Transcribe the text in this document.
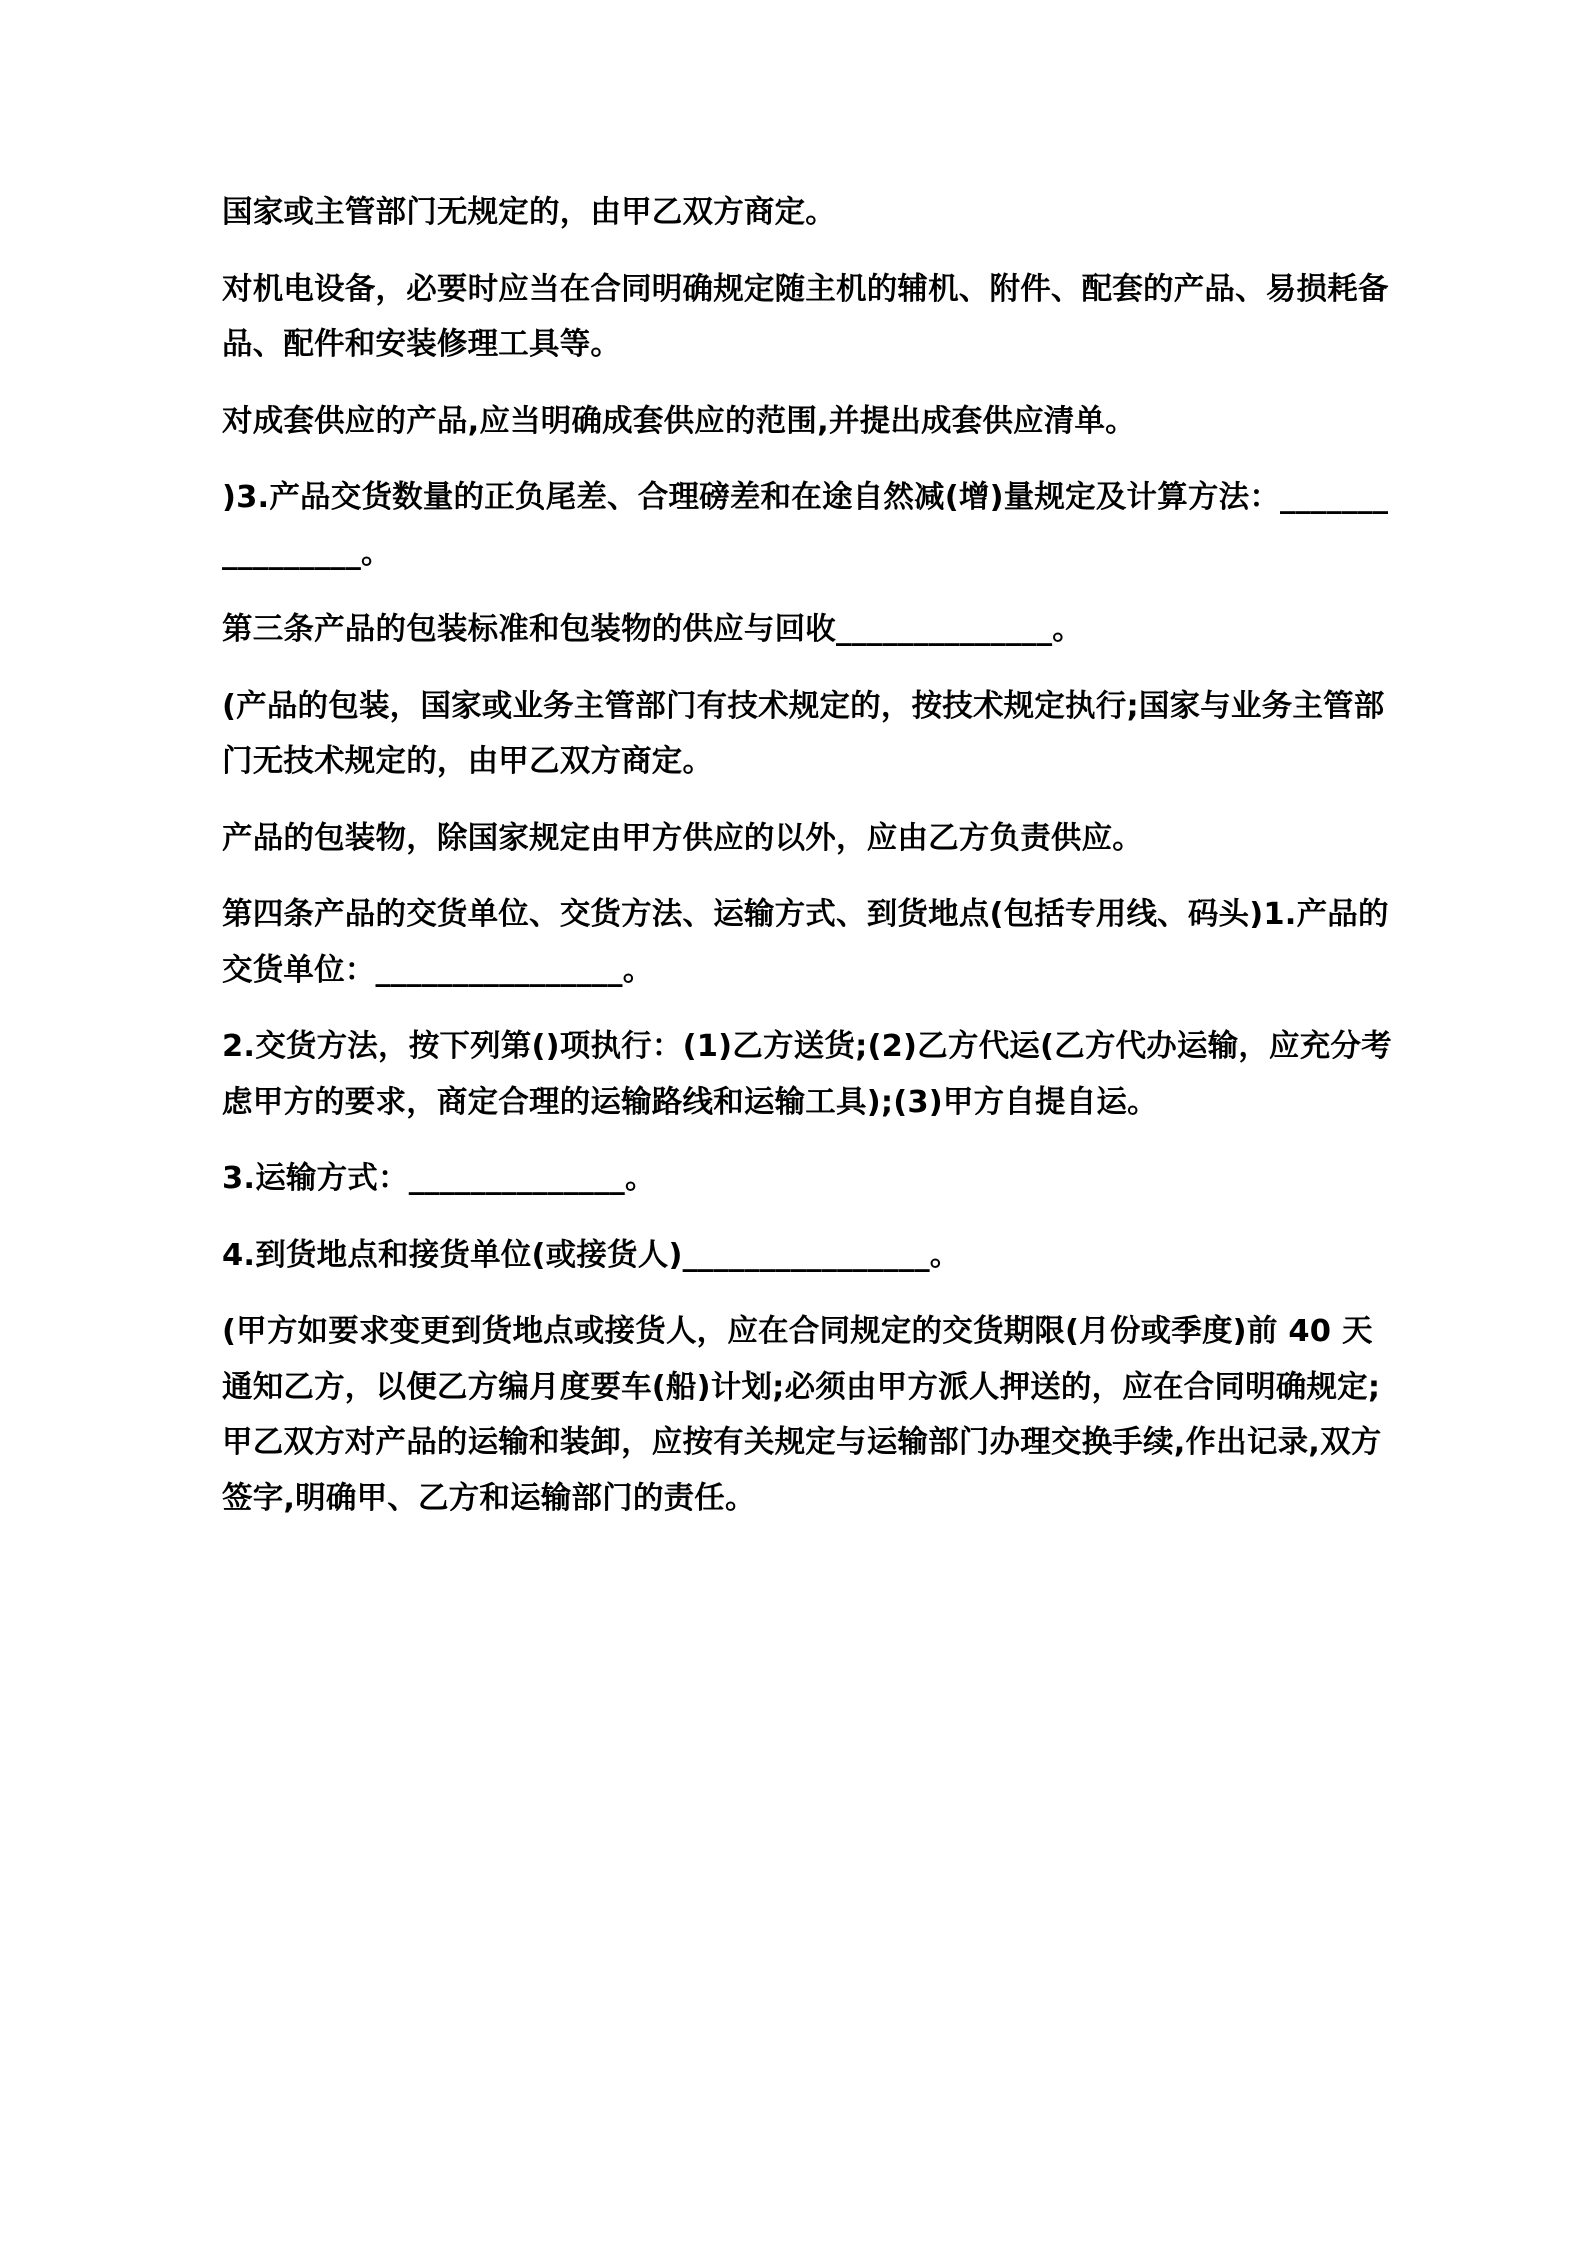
国家或主管部门无规定的，由甲乙双方商定。

对机电设备，必要时应当在合同明确规定随主机的辅机、附件、配套的产品、易损耗备品、配件和安装修理工具等。

对成套供应的产品,应当明确成套供应的范围,并提出成套供应清单。

)3.产品交货数量的正负尾差、合理磅差和在途自然减(增)量规定及计算方法：________________。

第三条产品的包装标准和包装物的供应与回收______________。

(产品的包装，国家或业务主管部门有技术规定的，按技术规定执行;国家与业务主管部门无技术规定的，由甲乙双方商定。

产品的包装物，除国家规定由甲方供应的以外，应由乙方负责供应。

第四条产品的交货单位、交货方法、运输方式、到货地点(包括专用线、码头)1.产品的交货单位：________________。

2.交货方法，按下列第()项执行：(1)乙方送货;(2)乙方代运(乙方代办运输，应充分考虑甲方的要求，商定合理的运输路线和运输工具);(3)甲方自提自运。

3.运输方式：______________。

4.到货地点和接货单位(或接货人)________________。

(甲方如要求变更到货地点或接货人，应在合同规定的交货期限(月份或季度)前 40 天通知乙方，以便乙方编月度要车(船)计划;必须由甲方派人押送的，应在合同明确规定;甲乙双方对产品的运输和装卸，应按有关规定与运输部门办理交换手续,作出记录,双方签字,明确甲、乙方和运输部门的责任。
